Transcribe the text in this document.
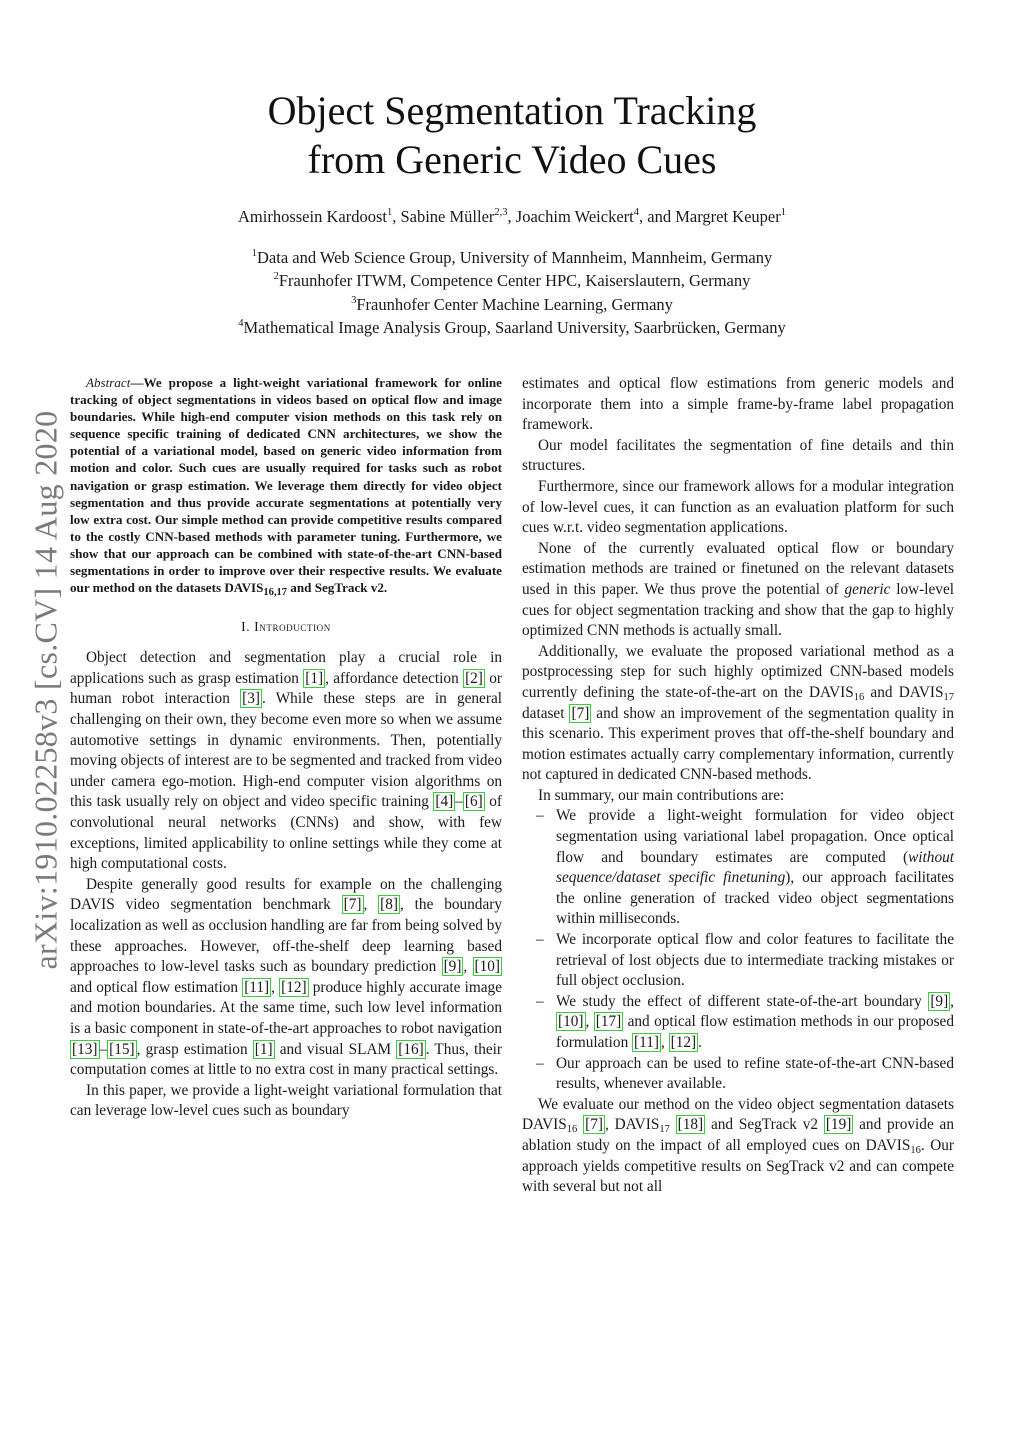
arXiv:1910.02258v3 [cs.CV] 14 Aug 2020
Object Segmentation Tracking
from Generic Video Cues
Amirhossein Kardoost$^1$, Sabine Müller$^{2,3}$, Joachim Weickert$^4$, and Margret Keuper$^1$
$^1$Data and Web Science Group, University of Mannheim, Mannheim, Germany
$^2$Fraunhofer ITWM, Competence Center HPC, Kaiserslautern, Germany
$^3$Fraunhofer Center Machine Learning, Germany
$^4$Mathematical Image Analysis Group, Saarland University, Saarbrücken, Germany

Abstract—We propose a light-weight variational framework for online tracking of object segmentations in videos based on optical flow and image boundaries. While high-end computer vision methods on this task rely on sequence specific training of dedicated CNN architectures, we show the potential of a variational model, based on generic video information from motion and color. Such cues are usually required for tasks such as robot navigation or grasp estimation. We leverage them directly for video object segmentation and thus provide accurate segmentations at potentially very low extra cost. Our simple method can provide competitive results compared to the costly CNN-based methods with parameter tuning. Furthermore, we show that our approach can be combined with state-of-the-art CNN-based segmentations in order to improve over their respective results. We evaluate our method on the datasets $DAVIS_{16,17}$ and SegTrack v2.

I. Introduction

Object detection and segmentation play a crucial role in applications such as grasp estimation [1] , affordance detection [2] or human robot interaction [3] . While these steps are in general challenging on their own, they become even more so when we assume automotive settings in dynamic environments. Then, potentially moving objects of interest are to be segmented and tracked from video under camera ego-motion. High-end computer vision algorithms on this task usually rely on object and video specific training [4] – [6] of convolutional neural networks (CNNs) and show, with few exceptions, limited applicability to online settings while they come at high computational costs.

Despite generally good results for example on the challenging DAVIS video segmentation benchmark [7] , [8] , the boundary localization as well as occlusion handling are far from being solved by these approaches. However, off-the-shelf deep learning based approaches to low-level tasks such as boundary prediction [9] , [10] and optical flow estimation [11] , [12] produce highly accurate image and motion boundaries. At the same time, such low level information is a basic component in state-of-the-art approaches to robot navigation [13] – [15] , grasp estimation [1] and visual SLAM [16] . Thus, their computation comes at little to no extra cost in many practical settings.

In this paper, we provide a light-weight variational formulation that can leverage low-level cues such as boundary

estimates and optical flow estimations from generic models and incorporate them into a simple frame-by-frame label propagation framework.

Our model facilitates the segmentation of fine details and thin structures.

Furthermore, since our framework allows for a modular integration of low-level cues, it can function as an evaluation platform for such cues w.r.t. video segmentation applications.

None of the currently evaluated optical flow or boundary estimation methods are trained or finetuned on the relevant datasets used in this paper. We thus prove the potential of generic low-level cues for object segmentation tracking and show that the gap to highly optimized CNN methods is actually small.

Additionally, we evaluate the proposed variational method as a postprocessing step for such highly optimized CNN-based models currently defining the state-of-the-art on the $DAVIS_{16}$ and $DAVIS_{17}$ dataset [7] and show an improvement of the segmentation quality in this scenario. This experiment proves that off-the-shelf boundary and motion estimates actually carry complementary information, currently not captured in dedicated CNN-based methods.

In summary, our main contributions are:

– We provide a light-weight formulation for video object segmentation using variational label propagation. Once optical flow and boundary estimates are computed (without sequence/dataset specific finetuning), our approach facilitates the online generation of tracked video object segmentations within milliseconds.
– We incorporate optical flow and color features to facilitate the retrieval of lost objects due to intermediate tracking mistakes or full object occlusion.
– We study the effect of different state-of-the-art boundary [9] , [10] , [17] and optical flow estimation methods in our proposed formulation [11] , [12] .
– Our approach can be used to refine state-of-the-art CNN-based results, whenever available.

We evaluate our method on the video object segmentation datasets $DAVIS_{16}$ [7] , $DAVIS_{17}$ [18] and SegTrack v2 [19] and provide an ablation study on the impact of all employed cues on $DAVIS_{16}$. Our approach yields competitive results on SegTrack v2 and can compete with several but not all
